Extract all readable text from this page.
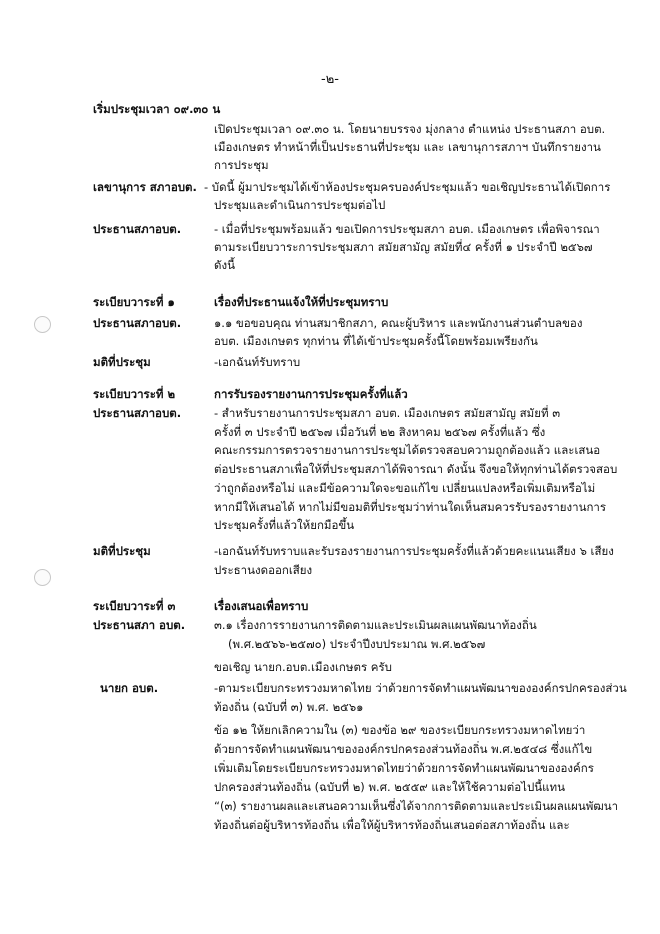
-๒-
เริ่มประชุมเวลา ๐๙.๓๐ น
เปิดประชุมเวลา ๐๙.๓๐ น. โดยนายบรรจง มุ่งกลาง ตำแหน่ง ประธานสภา อบต.
เมืองเกษตร ทำหน้าที่เป็นประธานที่ประชุม และ เลขานุการสภาฯ บันทึกรายงาน
การประชุม
เลขานุการ สภาอบต. - บัดนี้ ผู้มาประชุมได้เข้าห้องประชุมครบองค์ประชุมแล้ว ขอเชิญประธานได้เปิดการ
ประชุมและดำเนินการประชุมต่อไป
ประธานสภาอบต.	- เมื่อที่ประชุมพร้อมแล้ว ขอเปิดการประชุมสภา อบต. เมืองเกษตร เพื่อพิจารณา
ตามระเบียบวาระการประชุมสภา สมัยสามัญ สมัยที่๔ ครั้งที่ ๑ ประจำปี ๒๕๖๗
ดังนี้
ระเบียบวาระที่ ๑	เรื่องที่ประธานแจ้งให้ที่ประชุมทราบ
ประธานสภาอบต.	๑.๑ ขอขอบคุณ ท่านสมาชิกสภา, คณะผู้บริหาร และพนักงานส่วนตำบลของ
อบต. เมืองเกษตร ทุกท่าน ที่ได้เข้าประชุมครั้งนี้โดยพร้อมเพรียงกัน
มติที่ประชุม	-เอกฉันท์รับทราบ
ระเบียบวาระที่ ๒	การรับรองรายงานการประชุมครั้งที่แล้ว
ประธานสภาอบต.	- สำหรับรายงานการประชุมสภา อบต. เมืองเกษตร สมัยสามัญ สมัยที่ ๓
ครั้งที่ ๓ ประจำปี ๒๕๖๗ เมื่อวันที่ ๒๒ สิงหาคม ๒๕๖๗ ครั้งที่แล้ว ซึ่ง
คณะกรรมการตรวจรายงานการประชุมได้ตรวจสอบความถูกต้องแล้ว และเสนอ
ต่อประธานสภาเพื่อให้ที่ประชุมสภาได้พิจารณา ดังนั้น จึงขอให้ทุกท่านได้ตรวจสอบ
ว่าถูกต้องหรือไม่ และมีข้อความใดจะขอแก้ไข เปลี่ยนแปลงหรือเพิ่มเติมหรือไม่
หากมีให้เสนอได้ หากไม่มีขอมติที่ประชุมว่าท่านใดเห็นสมควรรับรองรายงานการ
ประชุมครั้งที่แล้วให้ยกมือขึ้น
มติที่ประชุม	-เอกฉันท์รับทราบและรับรองรายงานการประชุมครั้งที่แล้วด้วยคะแนนเสียง ๖ เสียง
ประธานงดออกเสียง
ระเบียบวาระที่ ๓	เรื่องเสนอเพื่อทราบ
ประธานสภา อบต.	๓.๑ เรื่องการรายงานการติดตามและประเมินผลแผนพัฒนาท้องถิ่น
(พ.ศ.๒๕๖๖-๒๕๗๐) ประจำปีงบประมาณ พ.ศ.๒๕๖๗
ขอเชิญ นายก.อบต.เมืองเกษตร ครับ
นายก อบต.	-ตามระเบียบกระทรวงมหาดไทย ว่าด้วยการจัดทำแผนพัฒนาขององค์กรปกครองส่วน
ท้องถิ่น (ฉบับที่ ๓) พ.ศ. ๒๕๖๑
ข้อ ๑๒ ให้ยกเลิกความใน (๓) ของข้อ ๒๙ ของระเบียบกระทรวงมหาดไทยว่า
ด้วยการจัดทำแผนพัฒนาขององค์กรปกครองส่วนท้องถิ่น พ.ศ.๒๕๔๘ ซึ่งแก้ไข
เพิ่มเติมโดยระเบียบกระทรวงมหาดไทยว่าด้วยการจัดทำแผนพัฒนาขององค์กร
ปกครองส่วนท้องถิ่น (ฉบับที่ ๒) พ.ศ. ๒๕๕๙ และให้ใช้ความต่อไปนี้แทน
“(๓) รายงานผลและเสนอความเห็นซึ่งได้จากการติดตามและประเมินผลแผนพัฒนา
ท้องถิ่นต่อผู้บริหารท้องถิ่น เพื่อให้ผู้บริหารท้องถิ่นเสนอต่อสภาท้องถิ่น และ
